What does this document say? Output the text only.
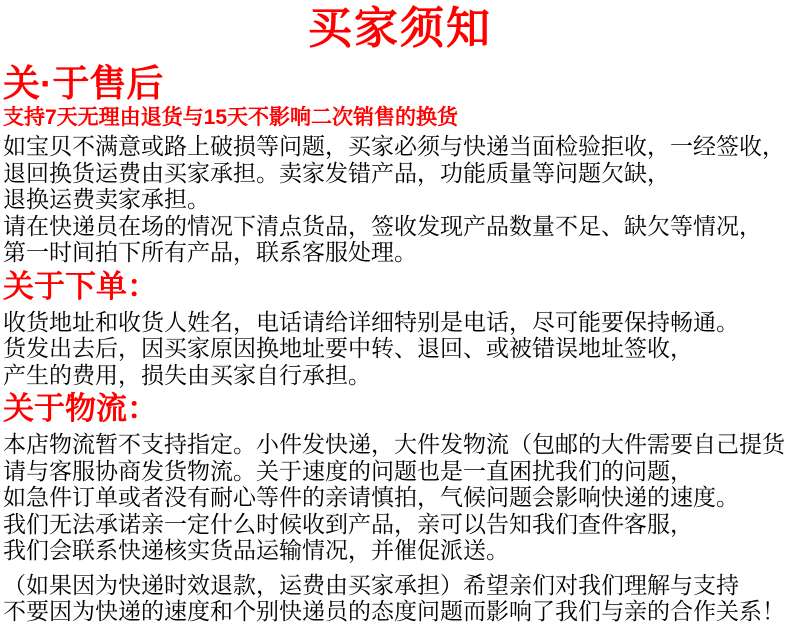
买家须知
关·于售后

支持7天无理由退货与15天不影响二次销售的换货

如宝贝不满意或路上破损等问题，买家必须与快递当面检验拒收，一经签收，

退回换货运费由买家承担。卖家发错产品，功能质量等问题欠缺，

退换运费卖家承担。

请在快递员在场的情况下清点货品，签收发现产品数量不足、缺欠等情况，

第一时间拍下所有产品，联系客服处理。

关于下单：

收货地址和收货人姓名，电话请给详细特别是电话，尽可能要保持畅通。

货发出去后，因买家原因换地址要中转、退回、或被错误地址签收，

产生的费用，损失由买家自行承担。

关于物流：

本店物流暂不支持指定。小件发快递，大件发物流（包邮的大件需要自己提货

请与客服协商发货物流。关于速度的问题也是一直困扰我们的问题，

如急件订单或者没有耐心等件的亲请慎拍，气候问题会影响快递的速度。

我们无法承诺亲一定什么时候收到产品，亲可以告知我们查件客服，

我们会联系快递核实货品运输情况，并催促派送。

（如果因为快递时效退款，运费由买家承担）希望亲们对我们理解与支持

不要因为快递的速度和个别快递员的态度问题而影响了我们与亲的合作关系！
